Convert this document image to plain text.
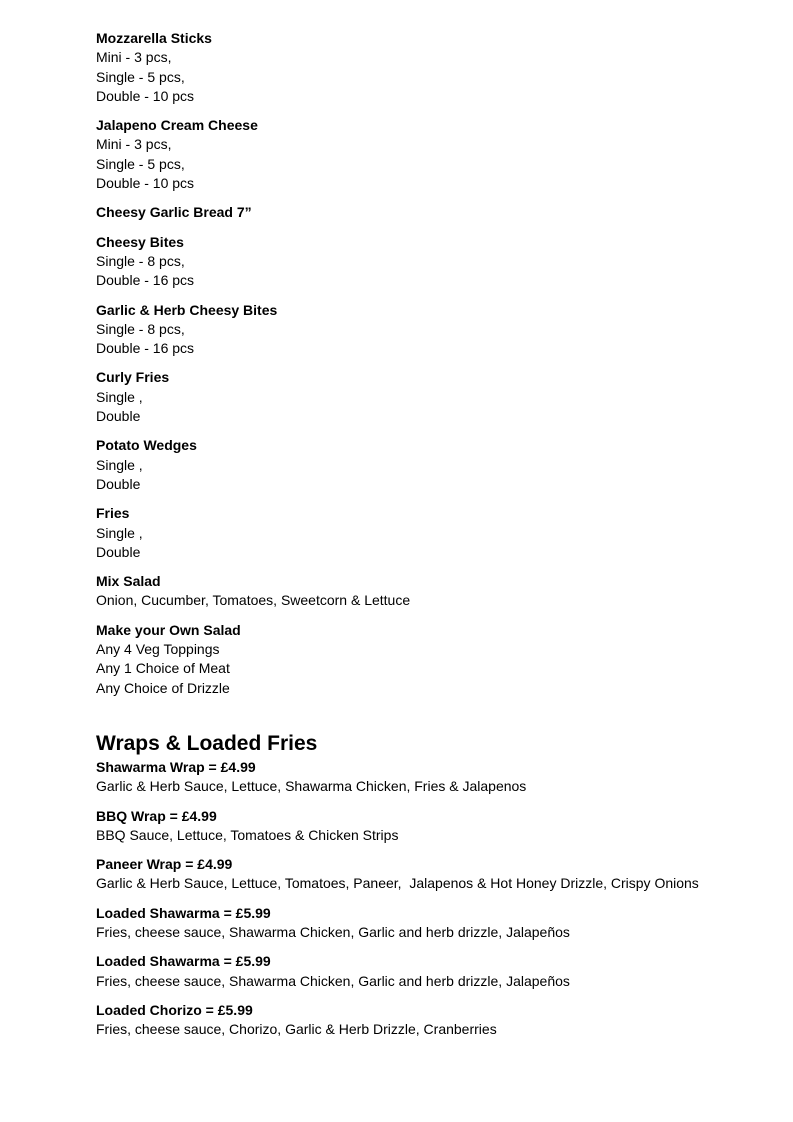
Mozzarella Sticks
Mini - 3 pcs,
Single - 5 pcs,
Double - 10 pcs
Jalapeno Cream Cheese
Mini - 3 pcs,
Single - 5 pcs,
Double - 10 pcs
Cheesy Garlic Bread 7”
Cheesy Bites
Single - 8 pcs,
Double - 16 pcs
Garlic & Herb Cheesy Bites
Single - 8 pcs,
Double - 16 pcs
Curly Fries
Single ,
Double
Potato Wedges
Single ,
Double
Fries
Single ,
Double
Mix Salad
Onion, Cucumber, Tomatoes, Sweetcorn & Lettuce
Make your Own Salad
Any 4 Veg Toppings
Any 1 Choice of Meat
Any Choice of Drizzle
Wraps & Loaded Fries
Shawarma Wrap = £4.99
Garlic & Herb Sauce, Lettuce, Shawarma Chicken, Fries & Jalapenos
BBQ Wrap = £4.99
BBQ Sauce, Lettuce, Tomatoes & Chicken Strips
Paneer Wrap = £4.99
Garlic & Herb Sauce, Lettuce, Tomatoes, Paneer,  Jalapenos & Hot Honey Drizzle, Crispy Onions
Loaded Shawarma = £5.99
Fries, cheese sauce, Shawarma Chicken, Garlic and herb drizzle, Jalapeños
Loaded Shawarma = £5.99
Fries, cheese sauce, Shawarma Chicken, Garlic and herb drizzle, Jalapeños
Loaded Chorizo = £5.99
Fries, cheese sauce, Chorizo, Garlic & Herb Drizzle, Cranberries
